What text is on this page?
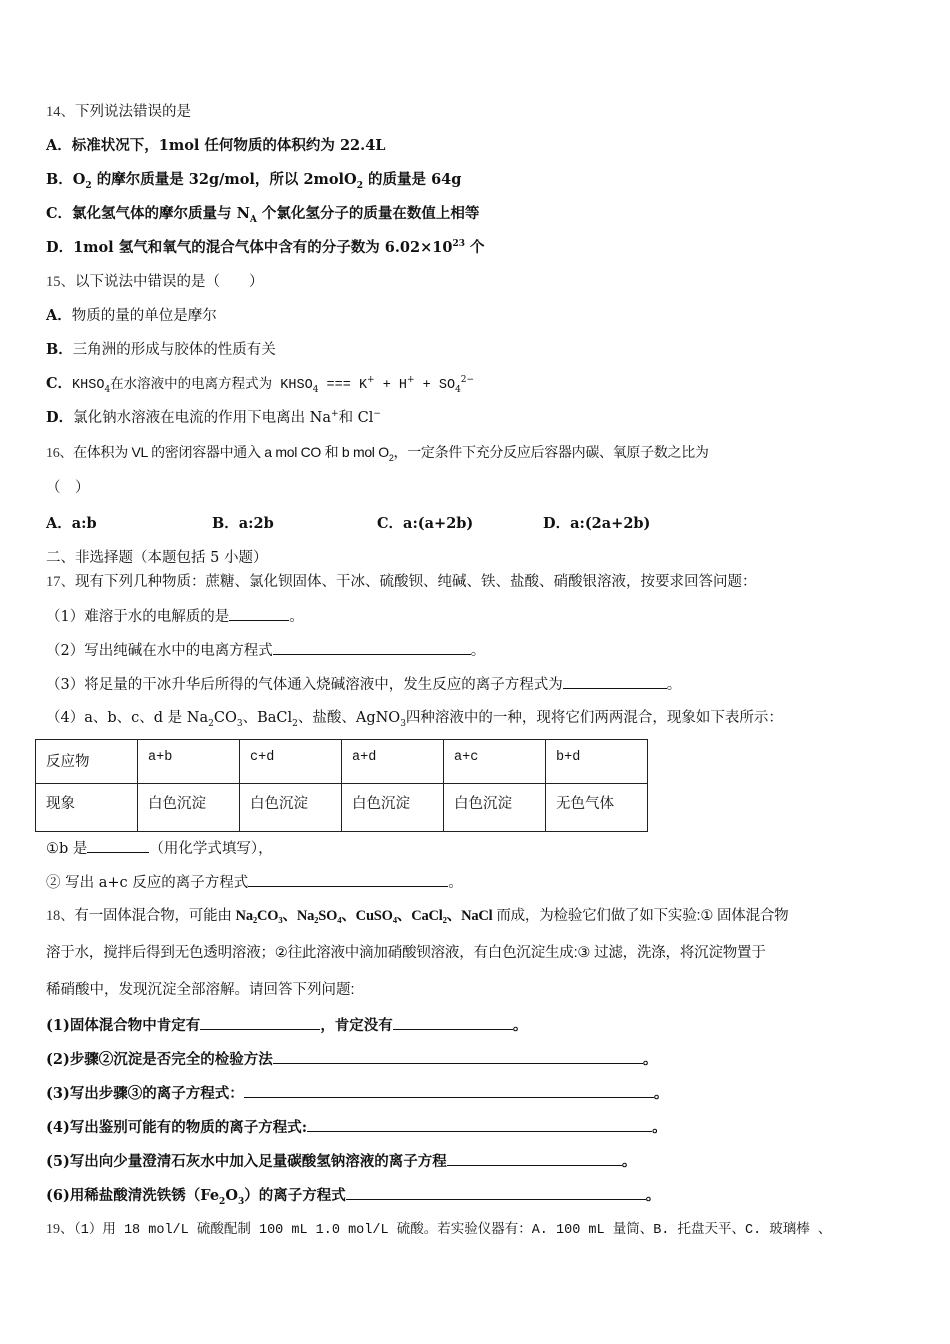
14、下列说法错误的是
A．标准状况下，1mol 任何物质的体积约为 22.4L
B．$O_2$ 的摩尔质量是 32g/mol，所以 2molO$_2$ 的质量是 64g
C．氯化氢气体的摩尔质量与 $N_A$ 个氯化氢分子的质量在数值上相等
D．1mol 氢气和氧气的混合气体中含有的分子数为 $6.02\times 10^{23}$ 个
15、以下说法中错误的是（　　）
A．物质的量的单位是摩尔
B．三角洲的形成与胶体的性质有关
C．$KHSO_4$在水溶液中的电离方程式为 $KHSO_4$ === $K^+ + H^+ + SO_4^{2-}$
D．氯化钠水溶液在电流的作用下电离出 Na+和 Cl−
16、在体积为 VL 的密闭容器中通入 a mol CO 和 b mol $O_2$，一定条件下充分反应后容器内碳、氧原子数之比为
（　）
A．a:b	B．a:2b	C．a:(a+2b)	D．a:(2a+2b)
二、非选择题（本题包括 5 小题）
17、现有下列几种物质：蔗糖、氯化钡固体、干冰、硫酸钡、纯碱、铁、盐酸、硝酸银溶液，按要求回答问题：
（1）难溶于水的电解质的是	。
（2）写出纯碱在水中的电离方程式	。
（3）将足量的干冰升华后所得的气体通入烧碱溶液中，发生反应的离子方程式为	。
（4）a、b、c、d 是 $Na_2CO_3$、BaCl$_2$、盐酸、AgNO$_3$四种溶液中的一种，现将它们两两混合，现象如下表所示：
反应物	a+b	c+d	a+d	a+c	b+d
现象	白色沉淀	白色沉淀	白色沉淀	白色沉淀	无色气体
①b 是	（用化学式填写），
② 写出 a+c 反应的离子方程式	。
18、有一固体混合物，可能由 Na₂CO₃、Na₂SO₄、CuSO₄、CaCl₂、NaCl 而成，为检验它们做了如下实验:① 固体混合物
溶于水，搅拌后得到无色透明溶液；②往此溶液中滴加硝酸钡溶液，有白色沉淀生成:③ 过滤，洗涤，将沉淀物置于
稀硝酸中，发现沉淀全部溶解。请回答下列问题:
(1)固体混合物中肯定有	，肯定没有	。
(2)步骤②沉淀是否完全的检验方法	。
(3)写出步骤③的离子方程式：	。
(4)写出鉴别可能有的物质的离子方程式:	。
(5)写出向少量澄清石灰水中加入足量碳酸氢钠溶液的离子方程	。
(6)用稀盐酸清洗铁锈$(Fe_2O_3)$的离子方程式	。
19、（1）用 18 mol/L 硫酸配制 100 mL 1.0 mol/L 硫酸。若实验仪器有：A. 100 mL 量筒、B. 托盘天平、C. 玻璃棒 、
